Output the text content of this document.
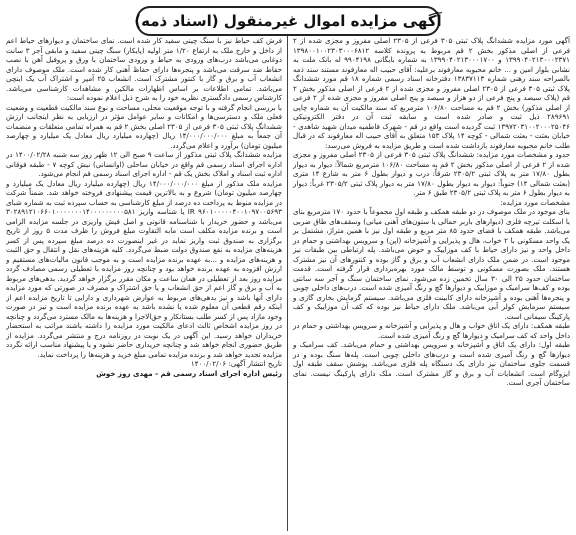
آگهی مزایده اموال غیرمنقول (اسناد ذمه)

آگهی مورد مزایده ششدانگ پلاک ثبتی ۳۰۵ فرعی از ۲۳۰۵ اصلی مفروز و مجزی شده از ۲ فرعی از اصلی مذکور بخش ۲ قم مربوط به پرونده کلاسه ۱۳۹۸۰۰۱۰۰۲۳۰۳۰۰۰۶۸۱۲ ۱۳۹۹۰۴۰۲۱۳۰۰۰۲۳۷۱ و ۱۳۹۹۰۴۰۲۱۳۰۰۰۱۷۰۰ به شماره بایگانی ۹۹۰۴۱۹۸ له بانک ملت به نشانی بلوار امین و ... خانم محبوبه معارفوند برعلیه: آقای حبیب اله معارفوند مستند سند ذمه بالصراحه سند رهنی شماره ۱۳۸۳۷۱۱۳ دفترخانه اسناد رسمی شماره ۱۸ قم مورد ششدانگ پلاک ثبتی ۳۰۵ فرعی از ۲۳۰۵ اصلی مفروز و مجزی شده از ۲ فرعی از اصلی مذکور بخش ۲ قم (پلاک سیصد و پنج فرعی از دو هزار و سیصد و پنج اصلی مفروز و مجزی شده از ۲ فرعی از اصلی مذکور) بخش ۲ قم به مساحت ۱۰۶/۸۰ مترمربع که سند مالکیت آن به شماره چاپی ۲۸۹۶۹۱ ذیل ثبت و صادر شده است و سابقه ثبت آن در دفتر الکترونیکی ۱۳۹۷۲۰۳۱۰۰۲۰۰۰۲۵۰۴۶ ثبت گردیده است واقع در قم - شهرک فاطمیه میدان شهید شاهدی - خیابان بعثت - بعثت شمالی - کوچه ۱۴ پلاک ۱۵۳ متعلق به آقای حبیب اله معارفوند که در قبال طلب خانم محبوبه معارفوند بازداشت شده است و طریق مزایده به فروش می‌رسد:

حدود و مشخصات مورد مزایده: ششدانگ پلاک ثبتی ۳۰۵ فرعی از ۲۳۰۵ اصلی مفروز و مجزی شده از ۲ فرعی از اصلی مذکور بخش ۲ قم به مساحت ۱۰۶/۸۰ مترمربع شمالاً: دیوار به دیوار بطول ۱۷/۸۰ متر به پلاک ثبتی ۲۳۰۵/۲ شرقاً: درب و دیوار بطول ۶ متر به شارع ۱۴ متری (بعثت شمالی ۱۴) جنوباً: دیوار به دیوار بطول ۱۷/۸۰ متر به دیوار پلاک ثبتی ۲۳۰۵/۲ غرباً: دیوار به دیوار بطول ۶ متر به پلاک ثبتی ۲۳۰۵/۲ طبق ۶ متر.

مشخصات مورد مزایده:

بنای موجود در ملک موصوف در دو طبقه همکف و طبقه اول مجموعاً با حدود ۱۷۰ مترمربع بنای با اسکلت تیرچه فلزی (دیوارهای باربر حمالی یا ستون‌های آهنی میانی) وسقف‌های طاق ضربی می‌باشد. طبقه همکف با فضای حدود ۸۵ متر مربع و طبقه اول نیز با همین متراژ، مشتمل بر یک واحد مسکونی با ۲ خواب، هال و پذیرایی و آشپزخانه (اپن) و سرویس بهداشتی و حمام در داخل واحد و نیز دارای حیاط با کف موزاییک و حوض می‌باشد. پله ارتباطی بین طبقات نیز موجود است. در ضمن ملک دارای انشعاب آب و برق و گاز بوده و کنتورهای آن نیز مشترک هستند. ملک بصورت مسکونی و توسط مالک مورد بهره‌برداری قرار گرفته است. قدمت ساختمان حدود ۲۵ الی ۳۰ سال تخمین زده می‌شود. نمای ساختمان سنگ و آجر سه سانتی بوده و کف‌ها سرامیک و موزاییک و دیوارها گچ و رنگ آمیزی شده است. درب‌های داخلی چوبی و پنجره‌ها آهنی بوده و آشپزخانه دارای کابینت فلزی می‌باشد. سیستم گرمایش بخاری گازی و سیستم سرمایش کولر آبی می‌باشد. ملک دارای حیاط نیز بوده که کف آن موزاییک و کف پارکینگ سیمانی است.

طبقه همکف: دارای یک اتاق خواب و هال و پذیرایی و آشپزخانه و سرویس بهداشتی و حمام در داخل واحد که کف سرامیک و دیوارها گچ و رنگ آمیزی شده است.

طبقه اول: دارای یک اتاق و آشپزخانه و سرویس بهداشتی و حمام می‌باشد. کف سرامیک و دیوارها گچ و رنگ آمیزی شده است و درب‌های داخلی چوبی است. پله‌ها سنگ بوده و در قسمت جلوی ساختمان نیز دارای یک دستگاه پله فلزی می‌باشد. پوشش سقف طبقه اول ایزوگام است. انشعابات آب و برق و گاز مشترک است. ملک دارای پارکینگ نیست. نمای ساختمان آجری است.

فرش کف حیاط نیز با سنگ چینی سفید کار شده است. نمای ساختمان و دیوارهای حیاط اعم از داخل و خارج ملک به ارتفاع ۱/۲۰ متر اولیه (پایکار) سنگ چینی سفید و مابقی آجر ۳ سانت دوغابی می‌باشد درب‌های ورودی به حیاط و ورودی ساختمان با ورق و پروفیل آهن با نصب حفاظ ضد سرقت می‌باشد و پنجره‌ها دارای حفاظ آهنی کار شده است. ملک موصوف دارای انشعاب آب و برق و گاز با کنتور مشترک است. انشعاب ۲۵ آمپر و اشتراک آب یک اینچی می‌باشد. تمامی اطلاعات بر اساس اظهارات مالکین و مشاهدات کارشناسی می‌باشد. کارشناس رسمی دادگستری نظریه خود را به شرح ذیل اعلام نموده است:

با بررسی انجام گرفته و با توجه موقعیت محلی، مساحت و نوع سند مالکیت قطعیت و وضعیت فعلی ملک و دسترسی‌ها و امکانات و سایر عوامل مؤثر در ارزیابی به نظر اینجانب ارزش ششدانگ پلاک ثبتی ۳۰۵ فرعی از ۲۳۰۵ اصلی بخش ۲ قم به همراه تمامی متعلقات و منضمات آن جمعاً به مبلغ ۱۴/۰۰۰/۰۰۰/۰۰۰ ریال (چهارده میلیارد ریال معادل یک میلیارد و چهارصد میلیون تومان) برآورد و اعلام می‌گردد.

مزایده ششدانگ پلاک ثبتی مذکور از ساعت ۹ صبح الی ۱۲ ظهر روز سه شنبه ۱۴۰۰/۰۲/۲۸ در اداره اجرای اسناد رسمی قم واقع در خیابان ساحلی (اوانسانی) نبش کوچه ۷ - طبقه فوقانی اداره ثبت اسناد و املاک بخش یک قم - اداره اجرای اسناد رسمی قم انجام می‌شود.

مزایده ملک مذکور از مبلغ ۱۴/۰۰۰/۰۰۰/۰۰۰ ریال (چهارده میلیارد ریال معادل یک میلیارد و چهارصد میلیون تومان) شروع و به بالاترین قیمت پیشنهادی فروخته خواهد شد. ضمناً شرکت در مزایده منوط به پرداخت ده درصد از مبلغ کارشناسی به حساب سپرده ثبت به شماره شبای IR ۹۶۰۱۰۰۰۰۰۴۰۰۱۰۹۷۰۰۵۶۹۳ یا شناسه واریز ۳۰۲۸۹۱۲۱۰۶۶۰۱۰۰۰۰۰۰۰۱۴۰۰۰۰۰۰۰۰۰۵۸۱ می‌باشد و حضور خریدار با شناسنامه قانونی و اصل فیش واریزی در جلسه مزایده الزامی است و برنده مزایده مکلف است مابه التفاوت مبلغ فروش را ظرف مدت ۵ روز از تاریخ برگزاری به صندوق ثبت واریز نماید در غیر اینصورت ده درصد مبلغ سپرده پس از کسر هزینه‌های مزایده به نفع صندوق دولت ضبط می‌گردد. کلیه هزینه‌های نقل و انتقال و حق الثبت و هزینه‌های مزایده و ...به عهده برنده مزایده است و به موجب قانون مالیات‌های مستقیم و ارزش افزوده به عهده برنده خواهد بود و چنانچه روز مزایده با تعطیلی رسمی مصادف گردد مزایده روز بعد از تعطیلی در همان ساعت و مکان مقرر برگزار خواهد گردید. بدهی‌های مربوط به آب و برق و گاز اعم از حق انشعاب و یا حق اشتراک و مصرف در صورتی که مورد مزایده دارای آنها باشد و نیز بدهی‌های مربوط به عوارض شهرداری و دارایی تا تاریخ مزایده اعم از اینکه رقم قطعی آن معلوم شده یا نشده باشد به عهده برنده مزایده است و نیز در صورت وجود مازاد پس از کسر طلب بستانکار و حق‌الاجرا و هزینه‌ها به مالک مسترد می‌گردد و چنانچه در روز مزایده اشخاص ثالث ادعای مالکیت مورد مزایده را داشته باشند مراتب به استحضار خریداران خواهد رسید. این آگهی در یک نوبت در روزنامه درج و منتشر می‌گردد. مزایده از طریق حضوری انجام خواهد شد و چنانچه خریداری حاضر نشود و یا پیشنهاد مناسب ارائه نگردد مزایده تجدید خواهد شد و برنده مزایده تمامی مبلغ خرید و هزینه‌ها را پرداخت نماید.

تاریخ انتشار آگهی: ۱۴۰۰/۰۲/۰۶

رئیس اداره اجرای اسناد رسمی قم - مهدی روز خوش
